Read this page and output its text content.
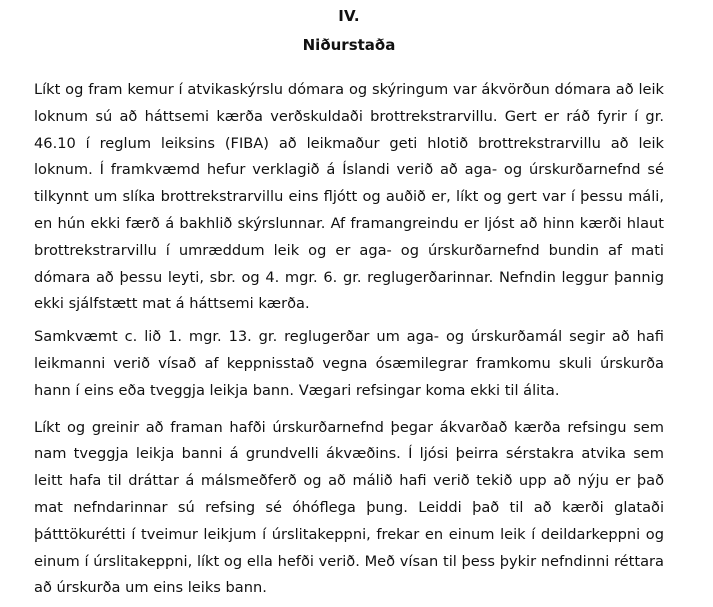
IV.
Niðurstaða

Líkt og fram kemur í atvikaskýrslu dómara og skýringum var ákvörðun dómara að leik loknum sú að háttsemi kærða verðskuldaði brottrekstrarvillu. Gert er ráð fyrir í gr. 46.10 í reglum leiksins (FIBA) að leikmaður geti hlotið brottrekstrarvillu að leik loknum. Í framkvæmd hefur verklagið á Íslandi verið að aga- og úrskurðarnefnd sé tilkynnt um slíka brottrekstrarvillu eins fljótt og auðið er, líkt og gert var í þessu máli, en hún ekki færð á bakhlið skýrslunnar. Af framangreindu er ljóst að hinn kærði hlaut brottrekstrarvillu í umræddum leik og er aga- og úrskurðarnefnd bundin af mati dómara að þessu leyti, sbr. og 4. mgr. 6. gr. reglugerðarinnar. Nefndin leggur þannig ekki sjálfstætt mat á háttsemi kærða.

Samkvæmt c. lið 1. mgr. 13. gr. reglugerðar um aga- og úrskurðamál segir að hafi leikmanni verið vísað af keppnisstað vegna ósæmilegrar framkomu skuli úrskurða hann í eins eða tveggja leikja bann. Vægari refsingar koma ekki til álita.

Líkt og greinir að framan hafði úrskurðarnefnd þegar ákvarðað kærða refsingu sem nam tveggja leikja banni á grundvelli ákvæðins. Í ljósi þeirra sérstakra atvika sem leitt hafa til dráttar á málsmeðferð og að málið hafi verið tekið upp að nýju er það mat nefndarinnar sú refsing sé óhóflega þung. Leiddi það til að kærði glataði þátttökurétti í tveimur leikjum í úrslitakeppni, frekar en einum leik í deildarkeppni og einum í úrslitakeppni, líkt og ella hefði verið. Með vísan til þess þykir nefndinni réttara að úrskurða um eins leiks bann.
